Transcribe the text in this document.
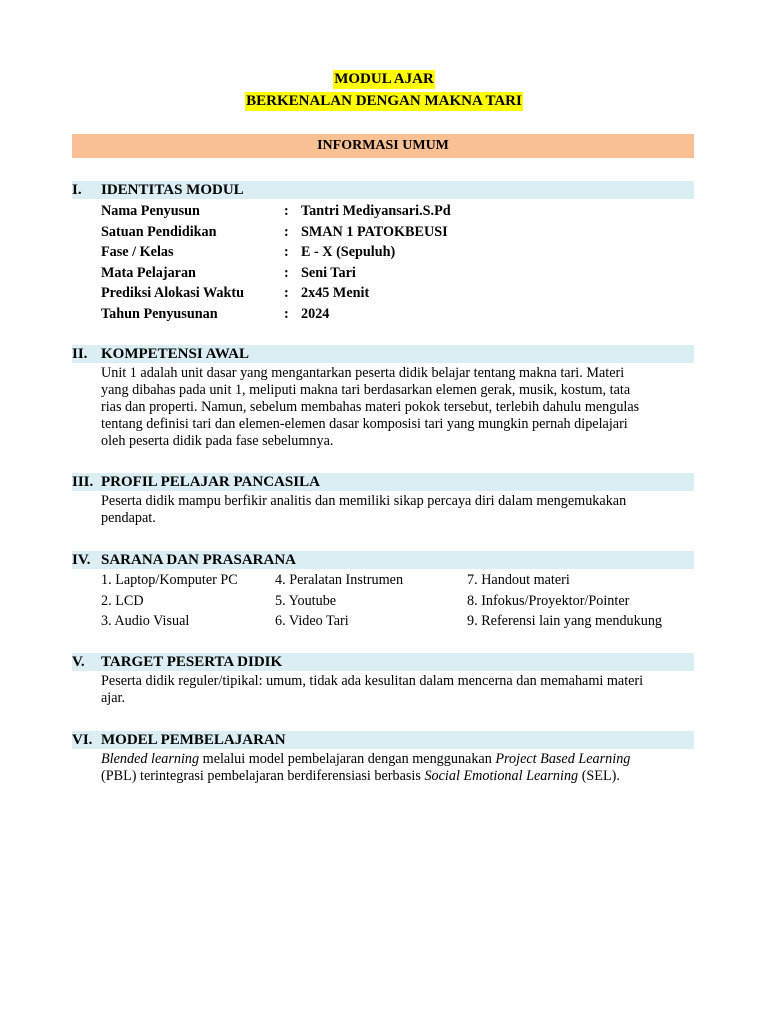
MODUL AJAR
BERKENALAN DENGAN MAKNA TARI
INFORMASI UMUM
I. IDENTITAS MODUL
Nama Penyusun	: Tantri Mediyansari.S.Pd
Satuan Pendidikan	: SMAN 1 PATOKBEUSI
Fase / Kelas	: E - X (Sepuluh)
Mata Pelajaran	: Seni Tari
Prediksi Alokasi Waktu	: 2x45 Menit
Tahun Penyusunan	: 2024
II. KOMPETENSI AWAL
Unit 1 adalah unit dasar yang mengantarkan peserta didik belajar tentang makna tari. Materi
yang dibahas pada unit 1, meliputi makna tari berdasarkan elemen gerak, musik, kostum, tata
rias dan properti. Namun, sebelum membahas materi pokok tersebut, terlebih dahulu mengulas
tentang definisi tari dan elemen-elemen dasar komposisi tari yang mungkin pernah dipelajari
oleh peserta didik pada fase sebelumnya.
III. PROFIL PELAJAR PANCASILA
Peserta didik mampu berfikir analitis dan memiliki sikap percaya diri dalam mengemukakan
pendapat.
IV. SARANA DAN PRASARANA
1. Laptop/Komputer PC	4. Peralatan Instrumen	7. Handout materi
2. LCD	5. Youtube	8. Infokus/Proyektor/Pointer
3. Audio Visual	6. Video Tari	9. Referensi lain yang mendukung
V. TARGET PESERTA DIDIK
Peserta didik reguler/tipikal: umum, tidak ada kesulitan dalam mencerna dan memahami materi
ajar.
VI. MODEL PEMBELAJARAN
Blended learning melalui model pembelajaran dengan menggunakan Project Based Learning
(PBL) terintegrasi pembelajaran berdiferensiasi berbasis Social Emotional Learning (SEL).
